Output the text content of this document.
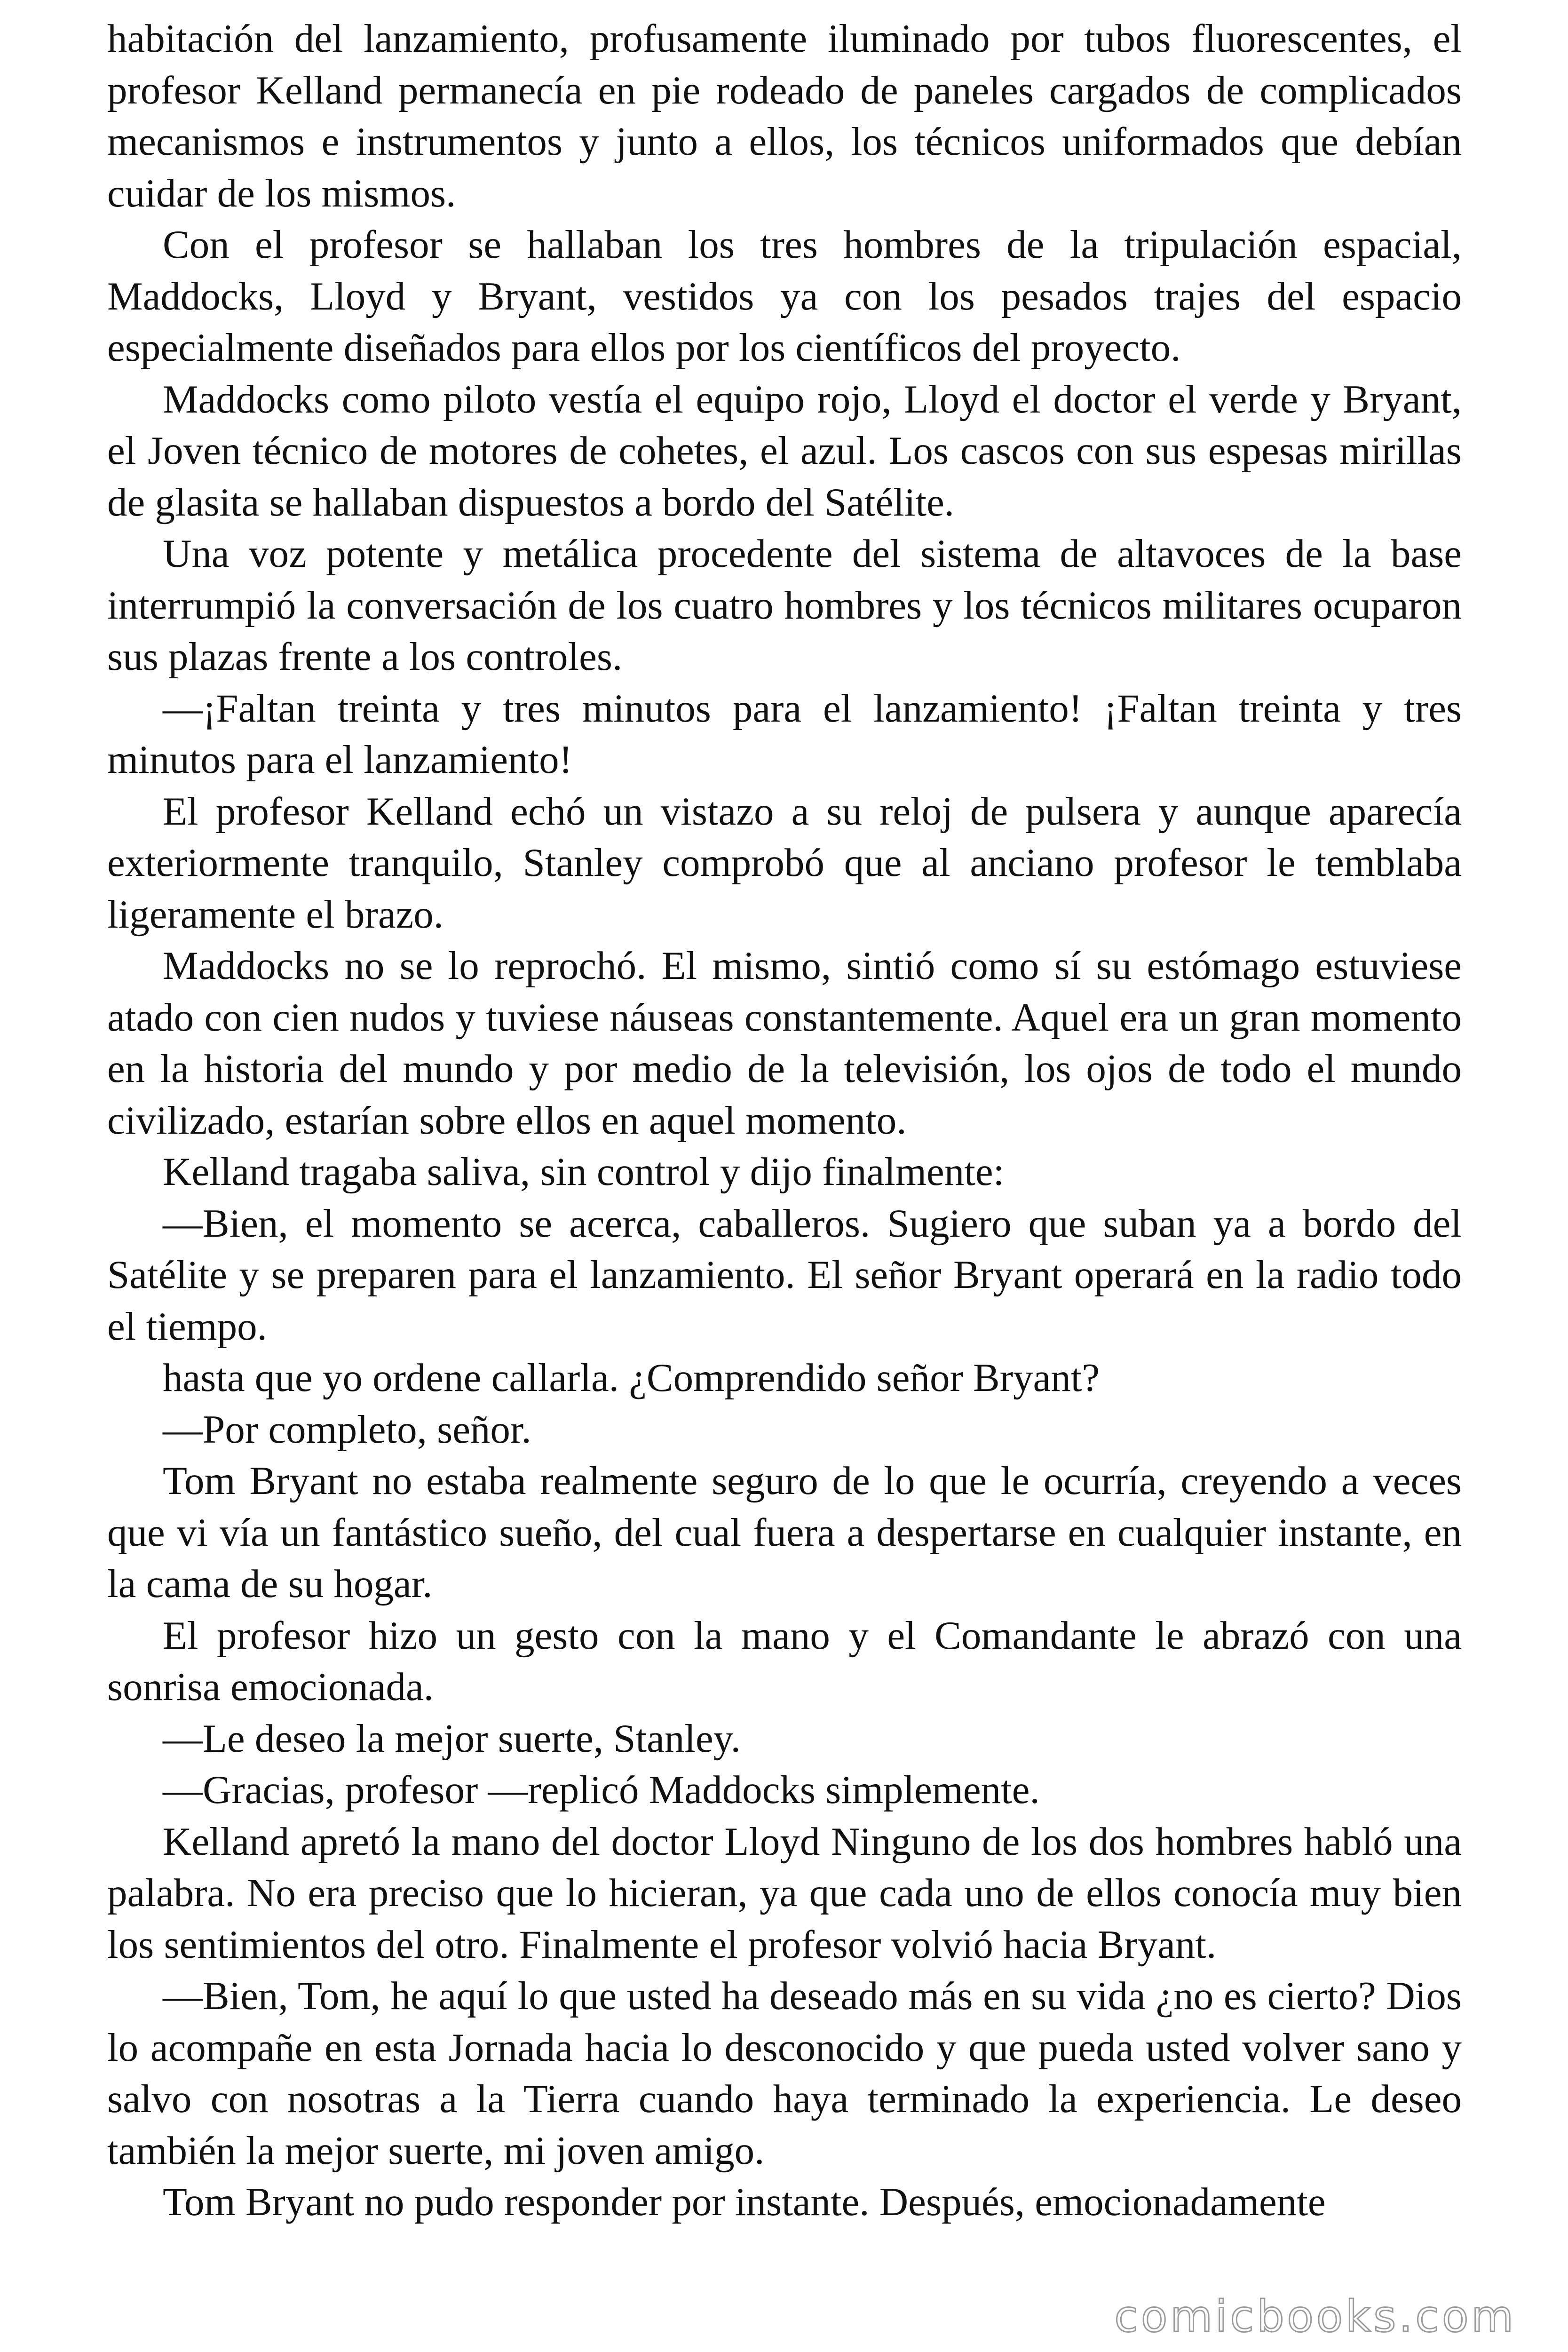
habitación del lanzamiento, profusamente iluminado por tubos fluorescentes, el profesor Kelland permanecía en pie rodeado de paneles cargados de complicados mecanismos e instrumentos y junto a ellos, los técnicos uniformados que debían cuidar de los mismos.

Con el profesor se hallaban los tres hombres de la tripulación espacial, Maddocks, Lloyd y Bryant, vestidos ya con los pesados trajes del espacio especialmente diseñados para ellos por los científicos del proyecto.

Maddocks como piloto vestía el equipo rojo, Lloyd el doctor el verde y Bryant, el Joven técnico de motores de cohetes, el azul. Los cascos con sus espesas mirillas de glasita se hallaban dispuestos a bordo del Satélite.

Una voz potente y metálica procedente del sistema de altavoces de la base interrumpió la conversación de los cuatro hombres y los técnicos militares ocuparon sus plazas frente a los controles.

—¡Faltan treinta y tres minutos para el lanzamiento! ¡Faltan treinta y tres minutos para el lanzamiento!

El profesor Kelland echó un vistazo a su reloj de pulsera y aunque aparecía exteriormente tranquilo, Stanley comprobó que al anciano profesor le temblaba ligeramente el brazo.

Maddocks no se lo reprochó. El mismo, sintió como sí su estómago estuviese atado con cien nudos y tuviese náuseas constantemente. Aquel era un gran momento en la historia del mundo y por medio de la televisión, los ojos de todo el mundo civilizado, estarían sobre ellos en aquel momento.

Kelland tragaba saliva, sin control y dijo finalmente:

—Bien, el momento se acerca, caballeros. Sugiero que suban ya a bordo del Satélite y se preparen para el lanzamiento. El señor Bryant operará en la radio todo el tiempo.

hasta que yo ordene callarla. ¿Comprendido señor Bryant?

—Por completo, señor.

Tom Bryant no estaba realmente seguro de lo que le ocurría, creyendo a veces que vi vía un fantástico sueño, del cual fuera a despertarse en cualquier instante, en la cama de su hogar.

El profesor hizo un gesto con la mano y el Comandante le abrazó con una sonrisa emocionada.

—Le deseo la mejor suerte, Stanley.

—Gracias, profesor —replicó Maddocks simplemente.

Kelland apretó la mano del doctor Lloyd Ninguno de los dos hombres habló una palabra. No era preciso que lo hicieran, ya que cada uno de ellos conocía muy bien los sentimientos del otro. Finalmente el profesor volvió hacia Bryant.

—Bien, Tom, he aquí lo que usted ha deseado más en su vida ¿no es cierto? Dios lo acompañe en esta Jornada hacia lo desconocido y que pueda usted volver sano y salvo con nosotras a la Tierra cuando haya terminado la experiencia. Le deseo también la mejor suerte, mi joven amigo.

Tom Bryant no pudo responder por instante. Después, emocionadamente

comicbooks.com
